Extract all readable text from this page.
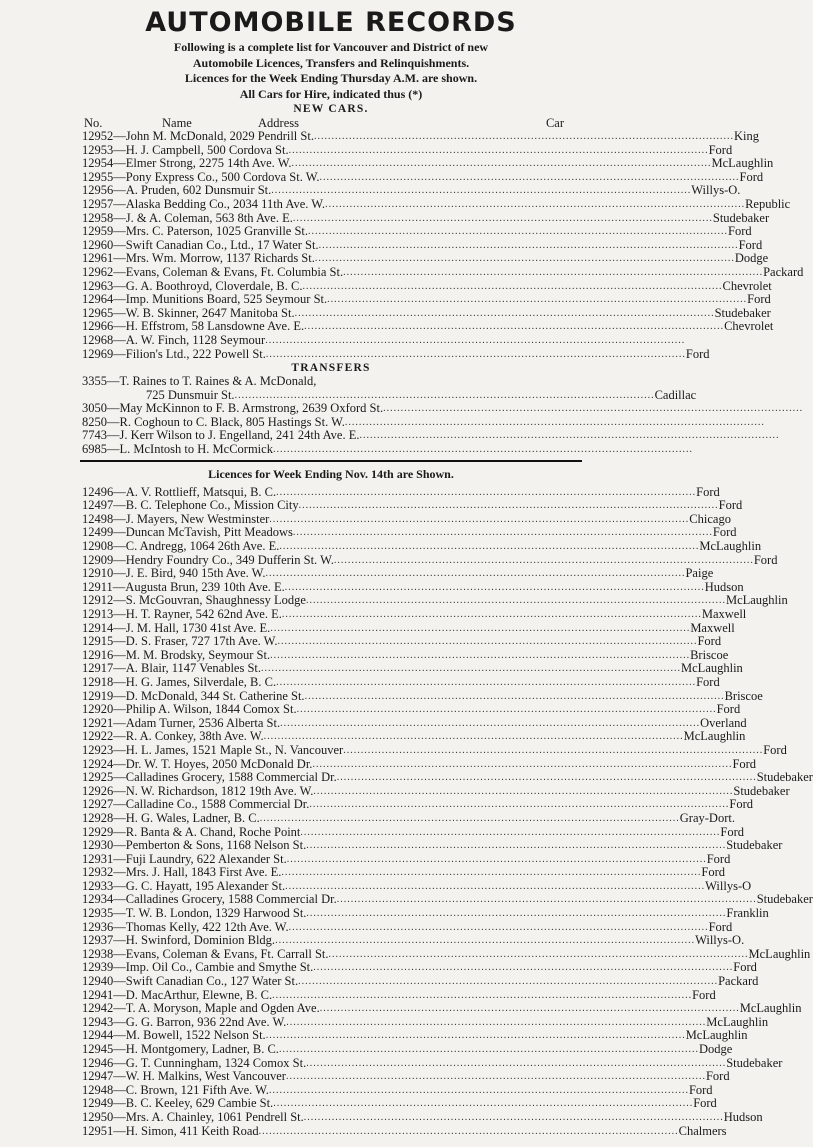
AUTOMOBILE RECORDS

Following is a complete list for Vancouver and District of new

Automobile Licences, Transfers and Relinquishments.

Licences for the Week Ending Thursday A.M. are shown.

All Cars for Hire, indicated thus (*)

NEW CARS.

No.	Name	Address	Car
12952—John M. McDonald, 2029 Pendrill St. ........................................................................................................................ King
12953—H. J. Campbell, 500 Cordova St. ........................................................................................................................ Ford
12954—Elmer Strong, 2275 14th Ave. W. ........................................................................................................................ McLaughlin
12955—Pony Express Co., 500 Cordova St. W. ........................................................................................................................ Ford
12956—A. Pruden, 602 Dunsmuir St. ........................................................................................................................ Willys-O.
12957—Alaska Bedding Co., 2034 11th Ave. W. ........................................................................................................................ Republic
12958—J. & A. Coleman, 563 8th Ave. E. ........................................................................................................................ Studebaker
12959—Mrs. C. Paterson, 1025 Granville St. ........................................................................................................................ Ford
12960—Swift Canadian Co., Ltd., 17 Water St. ........................................................................................................................ Ford
12961—Mrs. Wm. Morrow, 1137 Richards St. ........................................................................................................................ Dodge
12962—Evans, Coleman & Evans, Ft. Columbia St. ........................................................................................................................ Packard
12963—G. A. Boothroyd, Cloverdale, B. C. ........................................................................................................................ Chevrolet
12964—Imp. Munitions Board, 525 Seymour St. ........................................................................................................................ Ford
12965—W. B. Skinner, 2647 Manitoba St. ........................................................................................................................ Studebaker
12966—H. Effstrom, 58 Lansdowne Ave. E. ........................................................................................................................ Chevrolet
12968—A. W. Finch, 1128 Seymour ........................................................................................................................
12969—Filion's Ltd., 222 Powell St. ........................................................................................................................ Ford

TRANSFERS

3355—T. Raines to T. Raines & A. McDonald,
725 Dunsmuir St. ........................................................................................................................ Cadillac
3050—May McKinnon to F. B. Armstrong, 2639 Oxford St. ........................................................................................................................
8250—R. Coghoun to C. Black, 805 Hastings St. W. ........................................................................................................................
7743—J. Kerr Wilson to J. Engelland, 241 24th Ave. E. ........................................................................................................................
6985—L. McIntosh to H. McCormick ........................................................................................................................

Licences for Week Ending Nov. 14th are Shown.

12496—A. V. Rottlieff, Matsqui, B. C. ........................................................................................................................ Ford
12497—B. C. Telephone Co., Mission City ........................................................................................................................ Ford
12498—J. Mayers, New Westminster ........................................................................................................................ Chicago
12499—Duncan McTavish, Pitt Meadows ........................................................................................................................ Ford
12908—C. Andregg, 1064 26th Ave. E. ........................................................................................................................ McLaughlin
12909—Hendry Foundry Co., 349 Dufferin St. W. ........................................................................................................................ Ford
12910—J. E. Bird, 940 15th Ave. W. ........................................................................................................................ Paige
12911—Augusta Brun, 239 10th Ave. E. ........................................................................................................................ Hudson
12912—S. McGouvran, Shaughnessy Lodge ........................................................................................................................ McLaughlin
12913—H. T. Rayner, 542 62nd Ave. E. ........................................................................................................................ Maxwell
12914—J. M. Hall, 1730 41st Ave. E. ........................................................................................................................ Maxwell
12915—D. S. Fraser, 727 17th Ave. W. ........................................................................................................................ Ford
12916—M. M. Brodsky, Seymour St. ........................................................................................................................ Briscoe
12917—A. Blair, 1147 Venables St. ........................................................................................................................ McLaughlin
12918—H. G. James, Silverdale, B. C. ........................................................................................................................ Ford
12919—D. McDonald, 344 St. Catherine St. ........................................................................................................................ Briscoe
12920—Philip A. Wilson, 1844 Comox St. ........................................................................................................................ Ford
12921—Adam Turner, 2536 Alberta St. ........................................................................................................................ Overland
12922—R. A. Conkey, 38th Ave. W. ........................................................................................................................ McLaughlin
12923—H. L. James, 1521 Maple St., N. Vancouver ........................................................................................................................ Ford
12924—Dr. W. T. Hoyes, 2050 McDonald Dr. ........................................................................................................................ Ford
12925—Calladines Grocery, 1588 Commercial Dr. ........................................................................................................................ Studebaker
12926—N. W. Richardson, 1812 19th Ave. W. ........................................................................................................................ Studebaker
12927—Calladine Co., 1588 Commercial Dr. ........................................................................................................................ Ford
12928—H. G. Wales, Ladner, B. C. ........................................................................................................................ Gray-Dort.
12929—R. Banta & A. Chand, Roche Point ........................................................................................................................ Ford
12930—Pemberton & Sons, 1168 Nelson St. ........................................................................................................................ Studebaker
12931—Fuji Laundry, 622 Alexander St. ........................................................................................................................ Ford
12932—Mrs. J. Hall, 1843 First Ave. E. ........................................................................................................................ Ford
12933—G. C. Hayatt, 195 Alexander St. ........................................................................................................................ Willys-O
12934—Calladines Grocery, 1588 Commercial Dr. ........................................................................................................................ Studebaker
12935—T. W. B. London, 1329 Harwood St. ........................................................................................................................ Franklin
12936—Thomas Kelly, 422 12th Ave. W. ........................................................................................................................ Ford
12937—H. Swinford, Dominion Bldg. ........................................................................................................................ Willys-O.
12938—Evans, Coleman & Evans, Ft. Carrall St. ........................................................................................................................ McLaughlin
12939—Imp. Oil Co., Cambie and Smythe St. ........................................................................................................................ Ford
12940—Swift Canadian Co., 127 Water St. ........................................................................................................................ Packard
12941—D. MacArthur, Elewne, B. C. ........................................................................................................................ Ford
12942—T. A. Moryson, Maple and Ogden Ave. ........................................................................................................................ McLaughlin
12943—G. G. Barron, 936 22nd Ave. W. ........................................................................................................................ McLaughlin
12944—M. Bowell, 1522 Nelson St. ........................................................................................................................ McLaughlin
12945—H. Montgomery, Ladner, B. C. ........................................................................................................................ Dodge
12946—G. T. Cunningham, 1324 Comox St. ........................................................................................................................ Studebaker
12947—W. H. Malkins, West Vancouver ........................................................................................................................ Ford
12948—C. Brown, 121 Fifth Ave. W. ........................................................................................................................ Ford
12949—B. C. Keeley, 629 Cambie St. ........................................................................................................................ Ford
12950—Mrs. A. Chainley, 1061 Pendrell St. ........................................................................................................................ Hudson
12951—H. Simon, 411 Keith Road ........................................................................................................................ Chalmers
